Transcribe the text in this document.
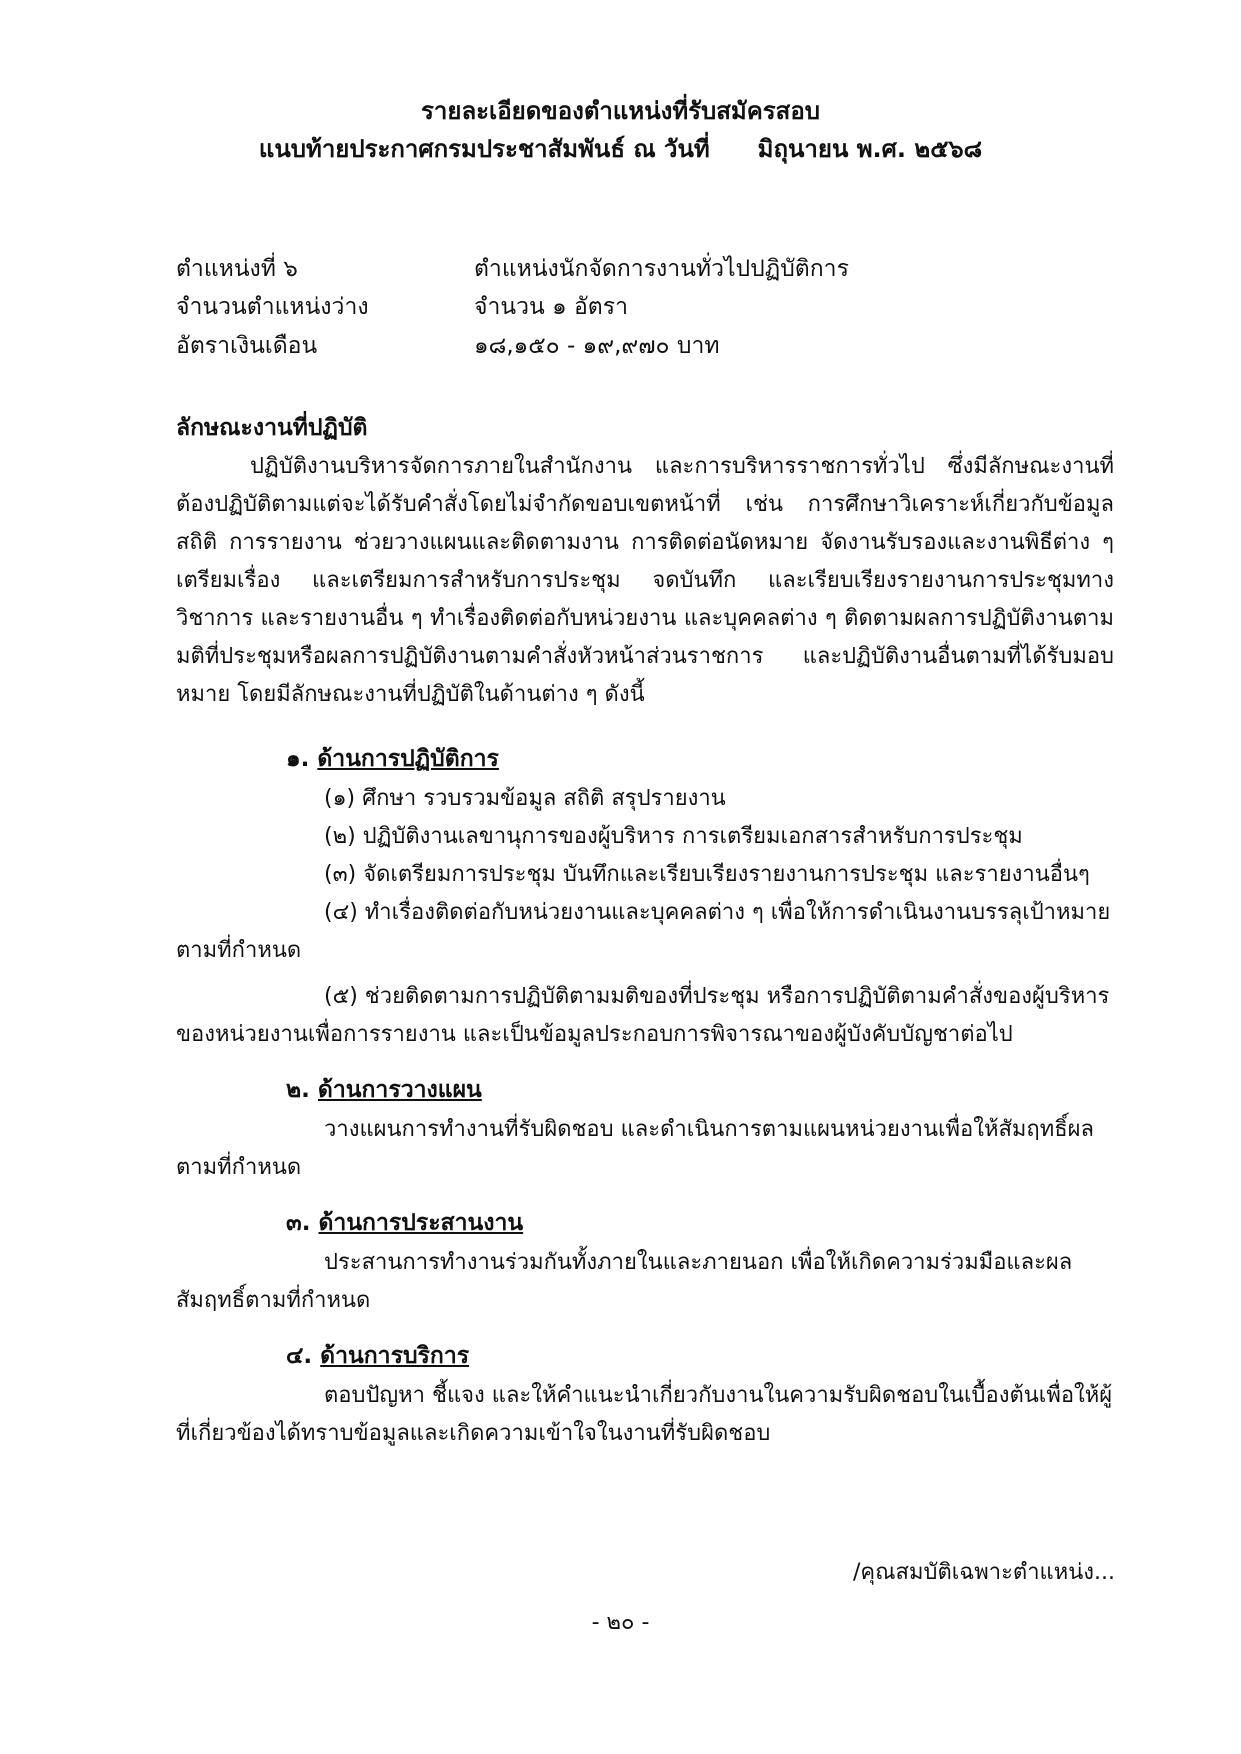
รายละเอียดของตำแหน่งที่รับสมัครสอบ
แนบท้ายประกาศกรมประชาสัมพันธ์ ณ วันที่ มิถุนายน พ.ศ. ๒๕๖๘
ตำแหน่งที่ ๖	ตำแหน่งนักจัดการงานทั่วไปปฏิบัติการ
จำนวนตำแหน่งว่าง	จำนวน ๑ อัตรา
อัตราเงินเดือน	๑๘,๑๕๐ - ๑๙,๙๗๐ บาท
ลักษณะงานที่ปฏิบัติ

ปฏิบัติงานบริหารจัดการภายในสำนักงาน และการบริหารราชการทั่วไป ซึ่งมีลักษณะงานที่ต้องปฏิบัติตามแต่จะได้รับคำสั่งโดยไม่จำกัดขอบเขตหน้าที่ เช่น การศึกษาวิเคราะห์เกี่ยวกับข้อมูลสถิติ การรายงาน ช่วยวางแผนและติดตามงาน การติดต่อนัดหมาย จัดงานรับรองและงานพิธีต่าง ๆ เตรียมเรื่อง และเตรียมการสำหรับการประชุม จดบันทึก และเรียบเรียงรายงานการประชุมทางวิชาการ และรายงานอื่น ๆ ทำเรื่องติดต่อกับหน่วยงาน และบุคคลต่าง ๆ ติดตามผลการปฏิบัติงานตามมติที่ประชุมหรือผลการปฏิบัติงานตามคำสั่งหัวหน้าส่วนราชการ และปฏิบัติงานอื่นตามที่ได้รับมอบหมาย โดยมีลักษณะงานที่ปฏิบัติในด้านต่าง ๆ ดังนี้

๑. ด้านการปฏิบัติการ

(๑) ศึกษา รวบรวมข้อมูล สถิติ สรุปรายงาน

(๒) ปฏิบัติงานเลขานุการของผู้บริหาร การเตรียมเอกสารสำหรับการประชุม

(๓) จัดเตรียมการประชุม บันทึกและเรียบเรียงรายงานการประชุม และรายงานอื่นๆ

(๔) ทำเรื่องติดต่อกับหน่วยงานและบุคคลต่าง ๆ เพื่อให้การดำเนินงานบรรลุเป้าหมายตามที่กำหนด

(๕) ช่วยติดตามการปฏิบัติตามมติของที่ประชุม หรือการปฏิบัติตามคำสั่งของผู้บริหารของหน่วยงานเพื่อการรายงาน และเป็นข้อมูลประกอบการพิจารณาของผู้บังคับบัญชาต่อไป

๒. ด้านการวางแผน

วางแผนการทำงานที่รับผิดชอบ และดำเนินการตามแผนหน่วยงานเพื่อให้สัมฤทธิ์ผลตามที่กำหนด

๓. ด้านการประสานงาน

ประสานการทำงานร่วมกันทั้งภายในและภายนอก เพื่อให้เกิดความร่วมมือและผลสัมฤทธิ์ตามที่กำหนด

๔. ด้านการบริการ

ตอบปัญหา ชี้แจง และให้คำแนะนำเกี่ยวกับงานในความรับผิดชอบในเบื้องต้นเพื่อให้ผู้ที่เกี่ยวข้องได้ทราบข้อมูลและเกิดความเข้าใจในงานที่รับผิดชอบ

/คุณสมบัติเฉพาะตำแหน่ง...
- ๒๐ -
